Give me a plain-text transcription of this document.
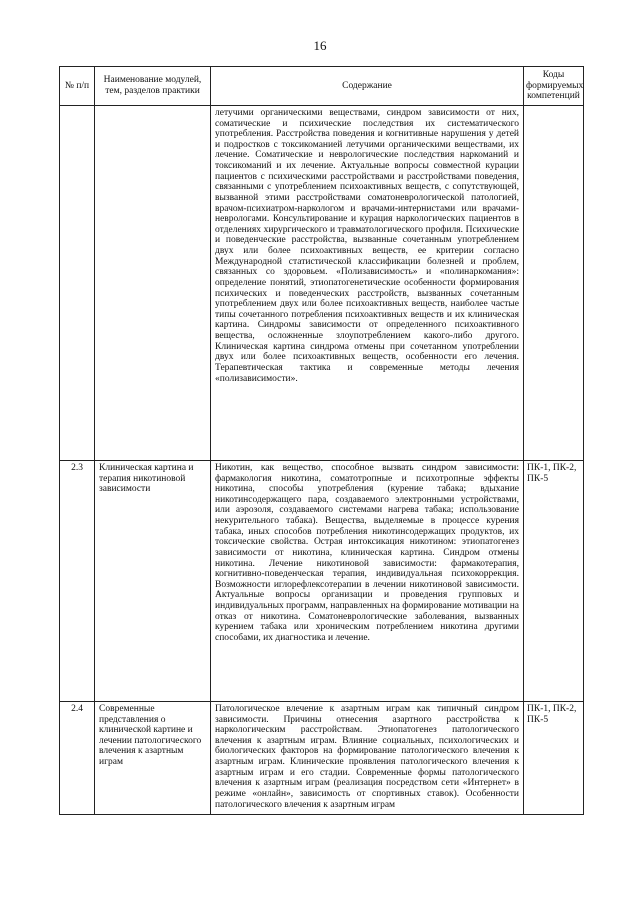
16
№ п/п	Наименование модулей, тем, разделов практики	Содержание	Коды формируемых компетенций
		летучими органическими веществами, синдром зависимости от них, соматические и психические последствия их систематического употребления. Расстройства поведения и когнитивные нарушения у детей и подростков с токсикоманией летучими органическими веществами, их лечение. Соматические и неврологические последствия наркоманий и токсикоманий и их лечение. Актуальные вопросы совместной курации пациентов с психическими расстройствами и расстройствами поведения, связанными с употреблением психоактивных веществ, с сопутствующей, вызванной этими расстройствами соматоневрологической патологией, врачом-психиатром-наркологом и врачами-интернистами или врачами-неврологами. Консультирование и курация наркологических пациентов в отделениях хирургического и травматологического профиля. Психические и поведенческие расстройства, вызванные сочетанным употреблением двух или более психоактивных веществ, ее критерии согласно Международной статистической классификации болезней и проблем, связанных со здоровьем. «Полизависимость» и «полинаркомания»: определение понятий, этиопатогенетические особенности формирования психических и поведенческих расстройств, вызванных сочетанным употреблением двух или более психоактивных веществ, наиболее частые типы сочетанного потребления психоактивных веществ и их клиническая картина. Синдромы зависимости от определенного психоактивного вещества, осложненные злоупотреблением какого-либо другого. Клиническая картина синдрома отмены при сочетанном употреблении двух или более психоактивных веществ, особенности его лечения. Терапевтическая тактика и современные методы лечения «полизависимости».	
2.3	Клиническая картина и терапия никотиновой зависимости	Никотин, как вещество, способное вызвать синдром зависимости: фармакология никотина, соматотропные и психотропные эффекты никотина, способы употребления (курение табака; вдыхание никотинсодержащего пара, создаваемого электронными устройствами, или аэрозоля, создаваемого системами нагрева табака; использование некурительного табака). Вещества, выделяемые в процессе курения табака, иных способов потребления никотинсодержащих продуктов, их токсические свойства. Острая интоксикация никотином: этиопатогенез зависимости от никотина, клиническая картина. Синдром отмены никотина. Лечение никотиновой зависимости: фармакотерапия, когнитивно-поведенческая терапия, индивидуальная психокоррекция. Возможности иглорефлексотерапии в лечении никотиновой зависимости. Актуальные вопросы организации и проведения групповых и индивидуальных программ, направленных на формирование мотивации на отказ от никотина. Соматоневрологические заболевания, вызванных курением табака или хроническим потреблением никотина другими способами, их диагностика и лечение.	ПК-1, ПК-2, ПК-5
2.4	Современные представления о клинической картине и лечении патологического влечения к азартным играм	Патологическое влечение к азартным играм как типичный синдром зависимости. Причины отнесения азартного расстройства к наркологическим расстройствам. Этиопатогенез патологического влечения к азартным играм. Влияние социальных, психологических и биологических факторов на формирование патологического влечения к азартным играм. Клинические проявления патологического влечения к азартным играм и его стадии. Современные формы патологического влечения к азартным играм (реализация посредством сети «Интернет» в режиме «онлайн», зависимость от спортивных ставок). Особенности патологического влечения к азартным играм	ПК-1, ПК-2, ПК-5
